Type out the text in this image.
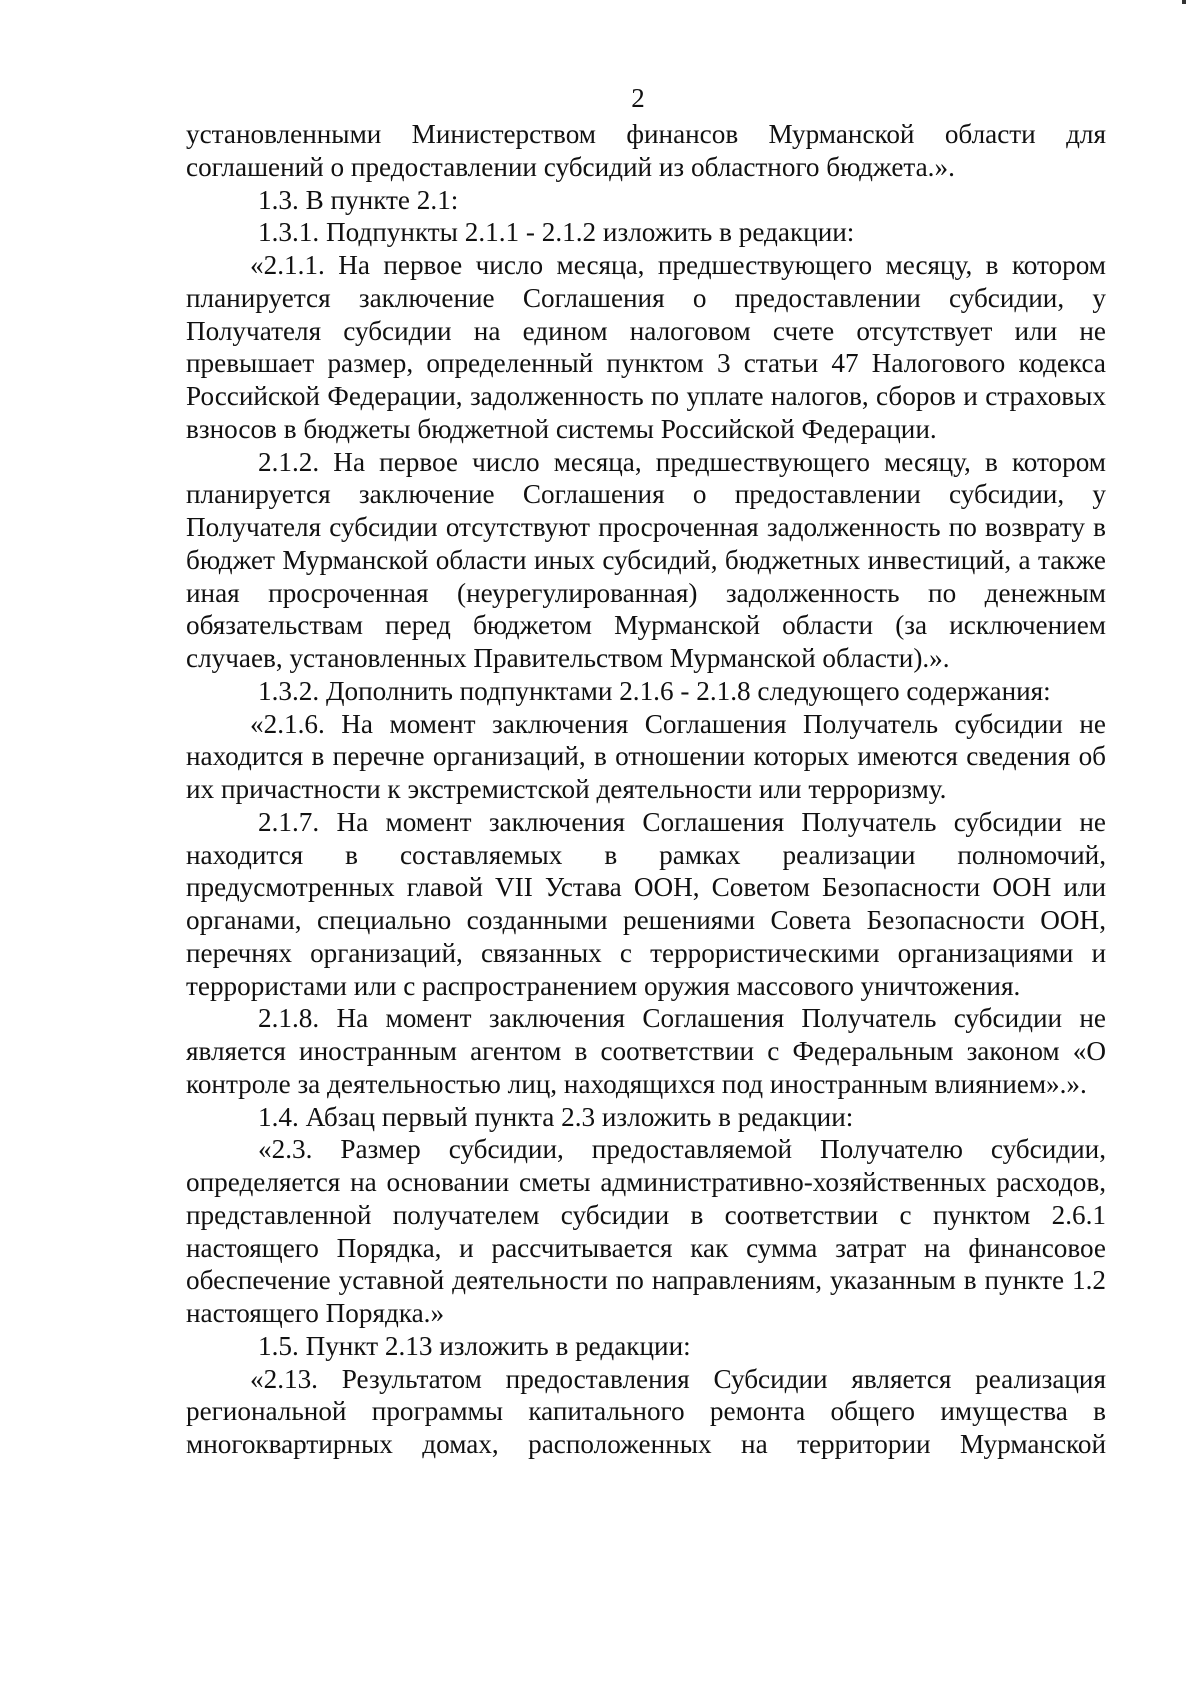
2

установленными Министерством финансов Мурманской области для соглашений о предоставлении субсидий из областного бюджета.».

1.3. В пункте 2.1:

1.3.1. Подпункты 2.1.1 - 2.1.2 изложить в редакции:

«2.1.1. На первое число месяца, предшествующего месяцу, в котором планируется заключение Соглашения о предоставлении субсидии, у Получателя субсидии на едином налоговом счете отсутствует или не превышает размер, определенный пунктом 3 статьи 47 Налогового кодекса Российской Федерации, задолженность по уплате налогов, сборов и страховых взносов в бюджеты бюджетной системы Российской Федерации.

2.1.2. На первое число месяца, предшествующего месяцу, в котором планируется заключение Соглашения о предоставлении субсидии, у Получателя субсидии отсутствуют просроченная задолженность по возврату в бюджет Мурманской области иных субсидий, бюджетных инвестиций, а также иная просроченная (неурегулированная) задолженность по денежным обязательствам перед бюджетом Мурманской области (за исключением случаев, установленных Правительством Мурманской области).».

1.3.2. Дополнить подпунктами 2.1.6 - 2.1.8 следующего содержания:

«2.1.6. На момент заключения Соглашения Получатель субсидии не находится в перечне организаций, в отношении которых имеются сведения об их причастности к экстремистской деятельности или терроризму.

2.1.7. На момент заключения Соглашения Получатель субсидии не находится в составляемых в рамках реализации полномочий, предусмотренных главой VII Устава ООН, Советом Безопасности ООН или органами, специально созданными решениями Совета Безопасности ООН, перечнях организаций, связанных с террористическими организациями и террористами или с распространением оружия массового уничтожения.

2.1.8. На момент заключения Соглашения Получатель субсидии не является иностранным агентом в соответствии с Федеральным законом «О контроле за деятельностью лиц, находящихся под иностранным влиянием».».

1.4. Абзац первый пункта 2.3 изложить в редакции:

«2.3. Размер субсидии, предоставляемой Получателю субсидии, определяется на основании сметы административно-хозяйственных расходов, представленной получателем субсидии в соответствии с пунктом 2.6.1 настоящего Порядка, и рассчитывается как сумма затрат на финансовое обеспечение уставной деятельности по направлениям, указанным в пункте 1.2 настоящего Порядка.»

1.5. Пункт 2.13 изложить в редакции:

«2.13. Результатом предоставления Субсидии является реализация региональной программы капитального ремонта общего имущества в многоквартирных домах, расположенных на территории Мурманской
